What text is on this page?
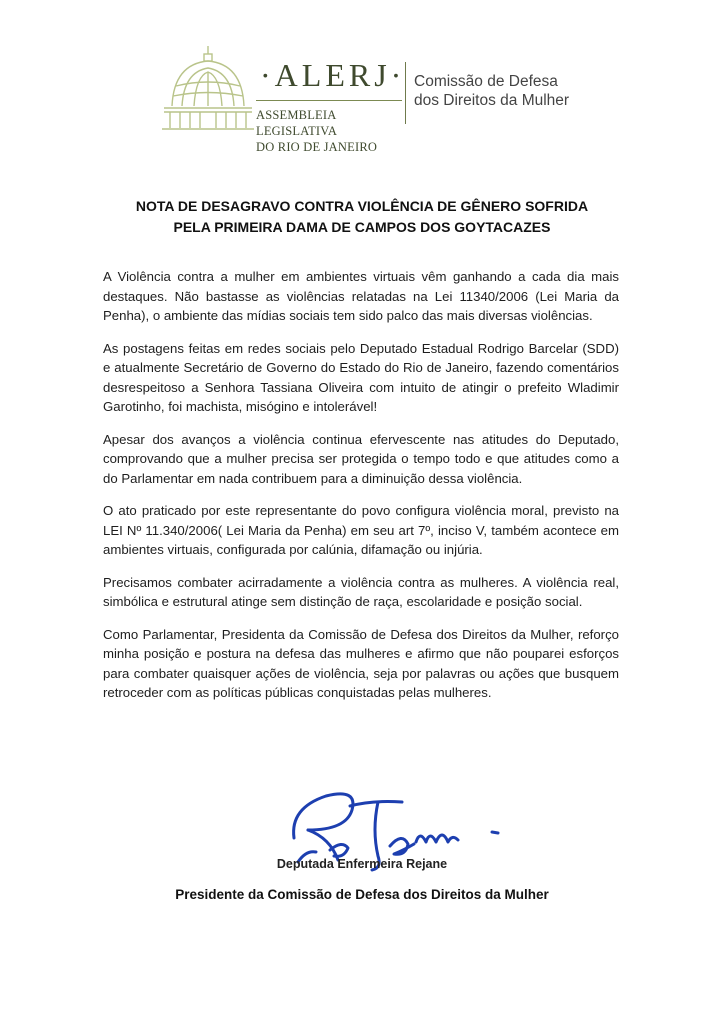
·ALERJ·
ASSEMBLEIA LEGISLATIVA
DO RIO DE JANEIRO
Comissão de Defesa
dos Direitos da Mulher
NOTA DE DESAGRAVO CONTRA VIOLÊNCIA DE GÊNERO SOFRIDA
PELA PRIMEIRA DAMA DE CAMPOS DOS GOYTACAZES

A Violência contra a mulher em ambientes virtuais vêm ganhando a cada dia mais destaques. Não bastasse as violências relatadas na Lei 11340/2006 (Lei Maria da Penha), o ambiente das mídias sociais tem sido palco das mais diversas violências.

As postagens feitas em redes sociais pelo Deputado Estadual Rodrigo Barcelar (SDD) e atualmente Secretário de Governo do Estado do Rio de Janeiro, fazendo comentários desrespeitoso a Senhora Tassiana Oliveira com intuito de atingir o prefeito Wladimir Garotinho, foi machista, misógino e intolerável!

Apesar dos avanços a violência continua efervescente nas atitudes do Deputado, comprovando que a mulher precisa ser protegida o tempo todo e que atitudes como a do Parlamentar em nada contribuem para a diminuição dessa violência.

O ato praticado por este representante do povo configura violência moral, previsto na LEI Nº 11.340/2006( Lei Maria da Penha) em seu art 7º, inciso V, também acontece em ambientes virtuais, configurada por calúnia, difamação ou injúria.

Precisamos combater acirradamente a violência contra as mulheres. A violência real, simbólica e estrutural atinge sem distinção de raça, escolaridade e posição social.

Como Parlamentar, Presidenta da Comissão de Defesa dos Direitos da Mulher, reforço minha posição e postura na defesa das mulheres e afirmo que não pouparei esforços para combater quaisquer ações de violência, seja por palavras ou ações que busquem retroceder com as políticas públicas conquistadas pelas mulheres.

Deputada Enfermeira Rejane
Presidente da Comissão de Defesa dos Direitos da Mulher
